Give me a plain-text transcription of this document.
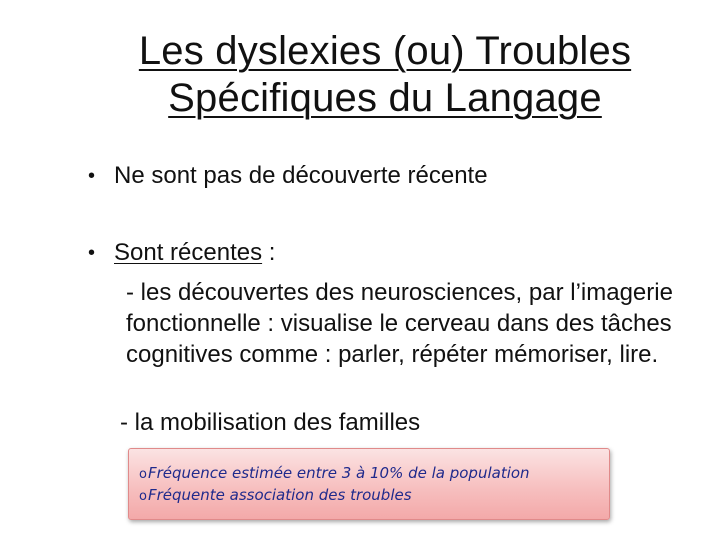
Les dyslexies (ou) Troubles
Spécifiques du Langage
• Ne sont pas de découverte récente
• Sont récentes :
- les découvertes des neurosciences, par l’imagerie fonctionnelle : visualise le cerveau dans des tâches cognitives comme : parler, répéter mémoriser, lire.
- la mobilisation des familles
oFréquence estimée entre 3 à 10% de la population
oFréquente association des troubles
